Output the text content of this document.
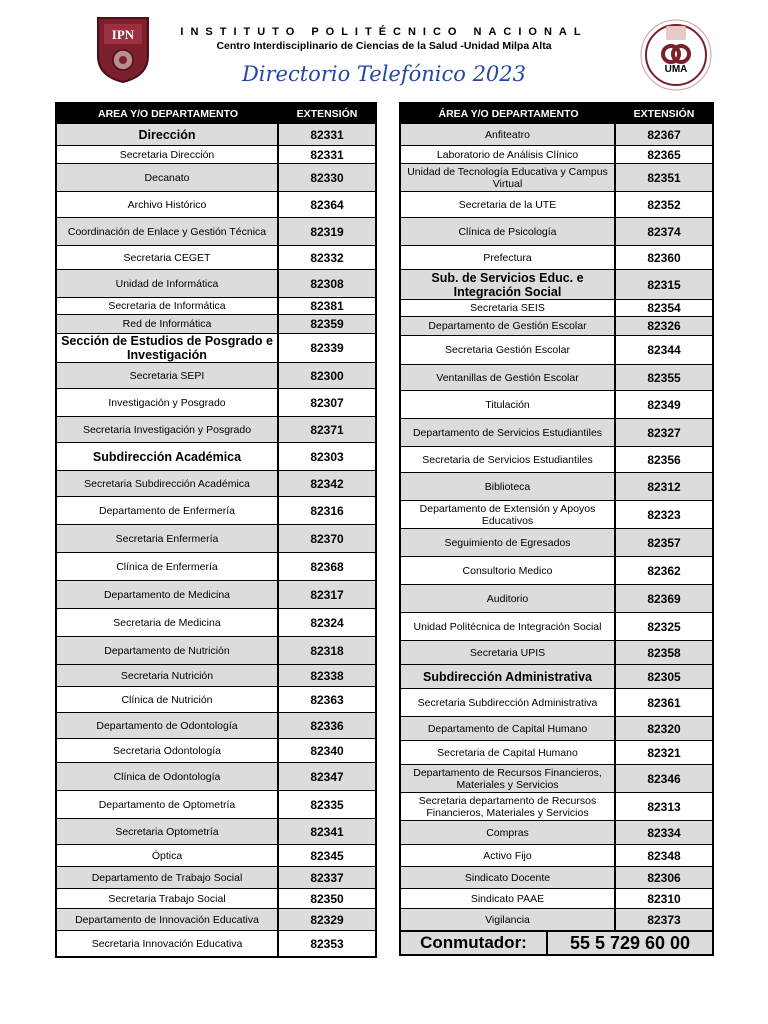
IPN	INSTITUTO POLITÉCNICO NACIONAL
Centro Interdisciplinario de Ciencias de la Salud -Unidad Milpa Alta
Directorio Telefónico 2023	UMA
AREA Y/O DEPARTAMENTO	EXTENSIÓN
Dirección	82331
Secretaria Dirección	82331
Decanato	82330
Archivo Histórico	82364
Coordinación de Enlace y Gestión Técnica	82319
Secretaria CEGET	82332
Unidad de Informática	82308
Secretaria de Informática	82381
Red de Informática	82359
Sección de Estudios de Posgrado e Investigación	82339
Secretaria SEPI	82300
Investigación y Posgrado	82307
Secretaria Investigación y Posgrado	82371
Subdirección Académica	82303
Secretaria Subdirección Académica	82342
Departamento de Enfermería	82316
Secretaria Enfermería	82370
Clínica de Enfermería	82368
Departamento de Medicina	82317
Secretaria de Medicina	82324
Departamento de Nutrición	82318
Secretaria Nutrición	82338
Clínica de Nutrición	82363
Departamento de Odontología	82336
Secretaria Odontología	82340
Clínica de Odontología	82347
Departamento de Optometría	82335
Secretaria Optometría	82341
Óptica	82345
Departamento de Trabajo Social	82337
Secretaria Trabajo Social	82350
Departamento de Innovación Educativa	82329
Secretaria Innovación Educativa	82353
ÁREA Y/O DEPARTAMENTO	EXTENSIÓN
Anfiteatro	82367
Laboratorio de Análisis Clínico	82365
Unidad de Tecnología Educativa y Campus Virtual	82351
Secretaria de la UTE	82352
Clínica de Psicología	82374
Prefectura	82360
Sub. de Servicios Educ. e Integración Social	82315
Secretaria SEIS	82354
Departamento de Gestión Escolar	82326
Secretaria Gestión Escolar	82344
Ventanillas de Gestión Escolar	82355
Titulación	82349
Departamento de Servicios Estudiantiles	82327
Secretaria de Servicios Estudiantiles	82356
Biblioteca	82312
Departamento de Extensión y Apoyos Educativos	82323
Seguimiento de Egresados	82357
Consultorio Medico	82362
Auditorio	82369
Unidad Politécnica de Integración Social	82325
Secretaria UPIS	82358
Subdirección Administrativa	82305
Secretaria Subdirección Administrativa	82361
Departamento de Capital Humano	82320
Secretaria de Capital Humano	82321
Departamento de Recursos Financieros, Materiales y Servicios	82346
Secretaria departamento de Recursos Financieros, Materiales y Servicios	82313
Compras	82334
Activo Fijo	82348
Sindicato Docente	82306
Sindicato PAAE	82310
Vigilancia	82373
Conmutador:	55 5 729 60 00
